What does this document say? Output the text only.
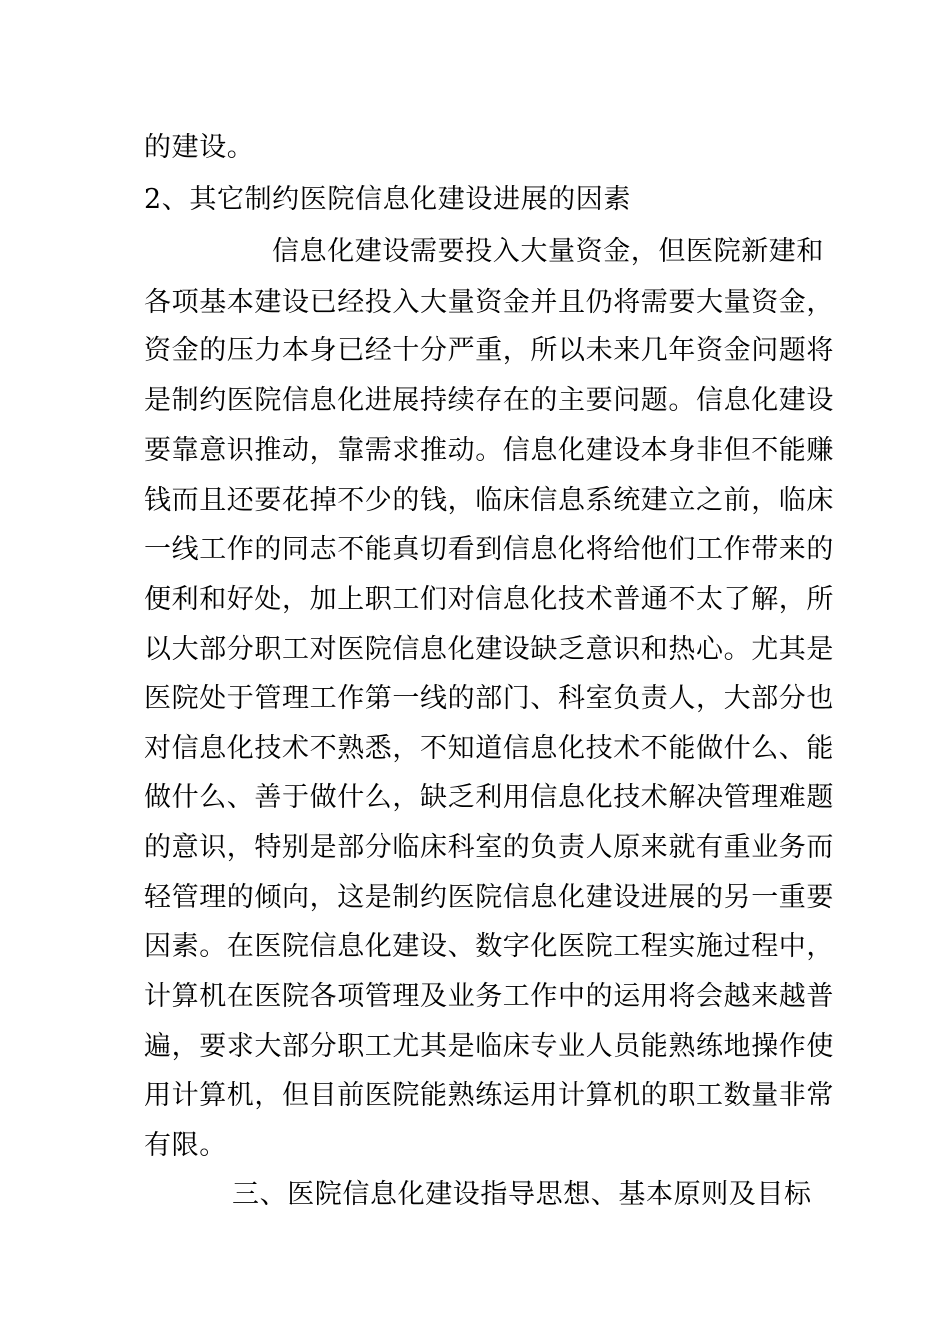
的建设。
2、其它制约医院信息化建设进展的因素
信息化建设需要投入大量资金，但医院新建和
各项基本建设已经投入大量资金并且仍将需要大量资金，
资金的压力本身已经十分严重，所以未来几年资金问题将
是制约医院信息化进展持续存在的主要问题。信息化建设
要靠意识推动，靠需求推动。信息化建设本身非但不能赚
钱而且还要花掉不少的钱，临床信息系统建立之前，临床
一线工作的同志不能真切看到信息化将给他们工作带来的
便利和好处，加上职工们对信息化技术普通不太了解，所
以大部分职工对医院信息化建设缺乏意识和热心。尤其是
医院处于管理工作第一线的部门、科室负责人，大部分也
对信息化技术不熟悉，不知道信息化技术不能做什么、能
做什么、善于做什么，缺乏利用信息化技术解决管理难题
的意识，特别是部分临床科室的负责人原来就有重业务而
轻管理的倾向，这是制约医院信息化建设进展的另一重要
因素。在医院信息化建设、数字化医院工程实施过程中，
计算机在医院各项管理及业务工作中的运用将会越来越普
遍，要求大部分职工尤其是临床专业人员能熟练地操作使
用计算机，但目前医院能熟练运用计算机的职工数量非常
有限。
三、医院信息化建设指导思想、基本原则及目标
